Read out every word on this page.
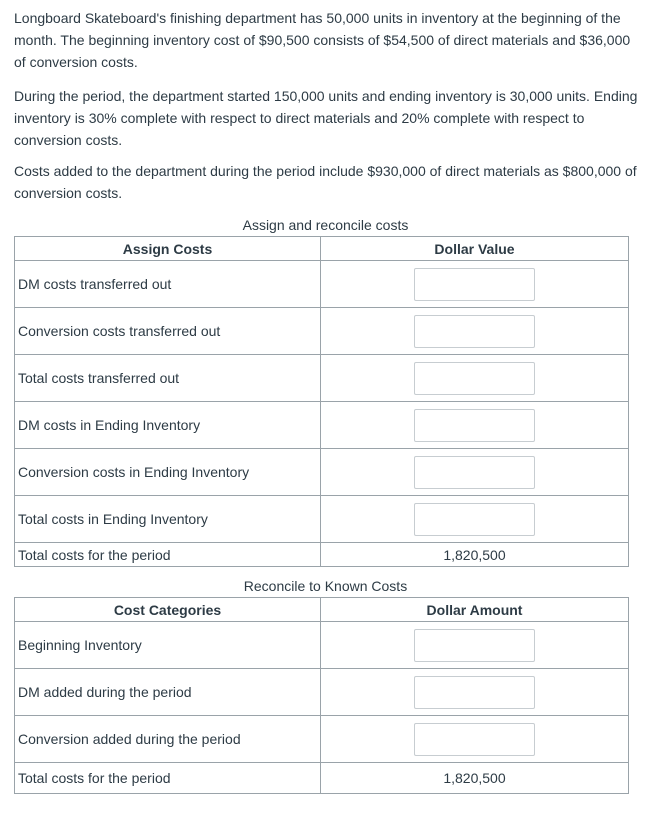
Longboard Skateboard's finishing department has 50,000 units in inventory at the beginning of the month. The beginning inventory cost of $90,500 consists of $54,500 of direct materials and $36,000 of conversion costs.

During the period, the department started 150,000 units and ending inventory is 30,000 units. Ending inventory is 30% complete with respect to direct materials and 20% complete with respect to conversion costs.

Costs added to the department during the period include $930,000 of direct materials as $800,000 of conversion costs.

Assign and reconcile costs
Assign Costs	Dollar Value
DM costs transferred out	
Conversion costs transferred out	
Total costs transferred out	
DM costs in Ending Inventory	
Conversion costs in Ending Inventory	
Total costs in Ending Inventory	
Total costs for the period	1,820,500
Reconcile to Known Costs
Cost Categories	Dollar Amount
Beginning Inventory	
DM added during the period	
Conversion added during the period	
Total costs for the period	1,820,500
